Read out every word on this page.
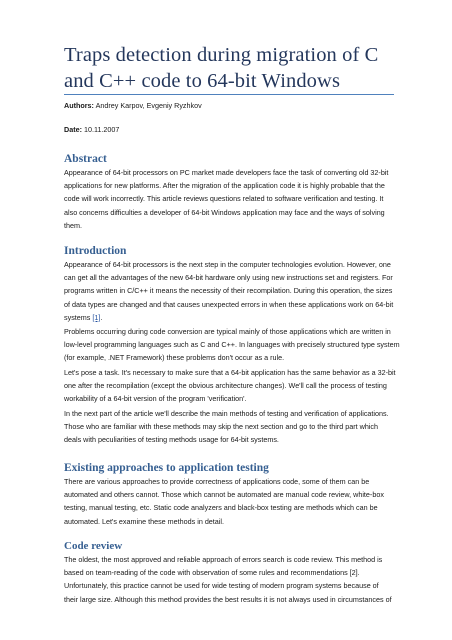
Traps detection during migration of C
and C++ code to 64-bit Windows
Authors: Andrey Karpov, Evgeniy Ryzhkov
Date: 10.11.2007
Abstract
Appearance of 64-bit processors on PC market made developers face the task of converting old 32-bit
applications for new platforms. After the migration of the application code it is highly probable that the
code will work incorrectly. This article reviews questions related to software verification and testing. It
also concerns difficulties a developer of 64-bit Windows application may face and the ways of solving
them.
Introduction
Appearance of 64-bit processors is the next step in the computer technologies evolution. However, one
can get all the advantages of the new 64-bit hardware only using new instructions set and registers. For
programs written in C/C++ it means the necessity of their recompilation. During this operation, the sizes
of data types are changed and that causes unexpected errors in when these applications work on 64-bit
systems [1].
Problems occurring during code conversion are typical mainly of those applications which are written in
low-level programming languages such as C and C++. In languages with precisely structured type system
(for example, .NET Framework) these problems don't occur as a rule.
Let's pose a task. It's necessary to make sure that a 64-bit application has the same behavior as a 32-bit
one after the recompilation (except the obvious architecture changes). We'll call the process of testing
workability of a 64-bit version of the program 'verification'.
In the next part of the article we'll describe the main methods of testing and verification of applications.
Those who are familiar with these methods may skip the next section and go to the third part which
deals with peculiarities of testing methods usage for 64-bit systems.
Existing approaches to application testing
There are various approaches to provide correctness of applications code, some of them can be
automated and others cannot. Those which cannot be automated are manual code review, white-box
testing, manual testing, etc. Static code analyzers and black-box testing are methods which can be
automated. Let's examine these methods in detail.
Code review
The oldest, the most approved and reliable approach of errors search is code review. This method is
based on team-reading of the code with observation of some rules and recommendations [2].
Unfortunately, this practice cannot be used for wide testing of modern program systems because of
their large size. Although this method provides the best results it is not always used in circumstances of
